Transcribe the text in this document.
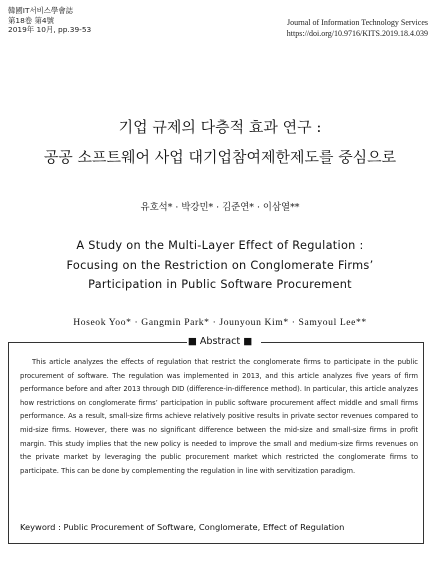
韓國IT서비스學會誌
第18卷 第4號
2019年 10月, pp.39-53
Journal of Information Technology Services
https://doi.org/10.9716/KITS.2019.18.4.039
기업 규제의 다층적 효과 연구 :
공공 소프트웨어 사업 대기업참여제한제도를 중심으로
유호석* · 박강민* · 김준연* · 이삼열**
A Study on the Multi-Layer Effect of Regulation :
Focusing on the Restriction on Conglomerate Firms’
Participation in Public Software Procurement
Hoseok Yoo* · Gangmin Park* · Jounyoun Kim* · Samyoul Lee**
■ Abstract ■
This article analyzes the effects of regulation that restrict the conglomerate firms to participate in the public procurement of software. The regulation was implemented in 2013, and this article analyzes five years of firm performance before and after 2013 through DID (difference-in-difference method). In particular, this article analyzes how restrictions on conglomerate firms’ participation in public software procurement affect middle and small firms performance. As a result, small-size firms achieve relatively positive results in private sector revenues compared to mid-size firms. However, there was no significant difference between the mid-size and small-size firms in profit margin. This study implies that the new policy is needed to improve the small and medium-size firms revenues on the private market by leveraging the public procurement market which restricted the conglomerate firms to participate. This can be done by complementing the regulation in line with servitization paradigm.
Keyword : Public Procurement of Software, Conglomerate, Effect of Regulation
